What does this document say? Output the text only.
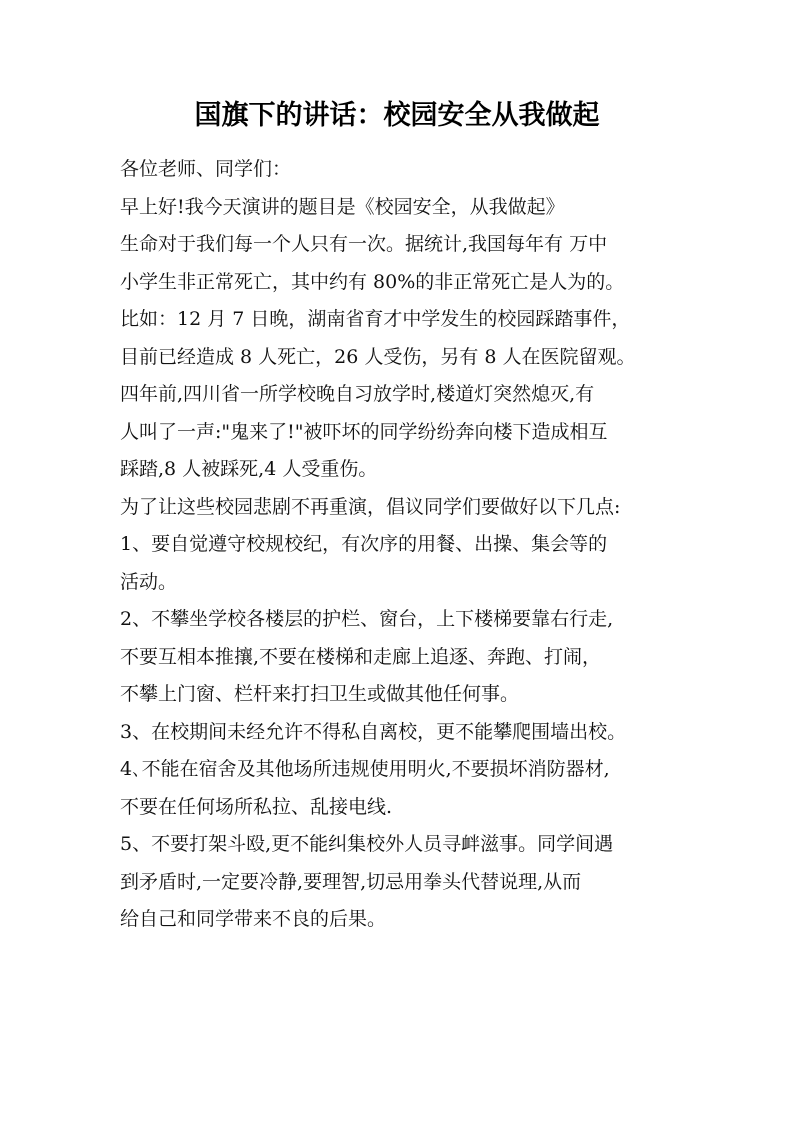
国旗下的讲话：校园安全从我做起

各位老师、同学们：

早上好!我今天演讲的题目是《校园安全，从我做起》

生命对于我们每一个人只有一次。据统计,我国每年有 万中

小学生非正常死亡，其中约有 80%的非正常死亡是人为的。

比如：12 月 7 日晚，湖南省育才中学发生的校园踩踏事件，

目前已经造成 8 人死亡，26 人受伤，另有 8 人在医院留观。

四年前,四川省一所学校晚自习放学时,楼道灯突然熄灭,有

人叫了一声:"鬼来了!"被吓坏的同学纷纷奔向楼下造成相互

踩踏,8 人被踩死,4 人受重伤。

为了让这些校园悲剧不再重演，倡议同学们要做好以下几点:

1、要自觉遵守校规校纪，有次序的用餐、出操、集会等的

活动。

2、不攀坐学校各楼层的护栏、窗台，上下楼梯要靠右行走,

不要互相本推攘,不要在楼梯和走廊上追逐、奔跑、打闹，

不攀上门窗、栏杆来打扫卫生或做其他任何事。

3、在校期间未经允许不得私自离校，更不能攀爬围墙出校。

4､不能在宿舍及其他场所违规使用明火,不要损坏消防器材,

不要在任何场所私拉、乱接电线.

5、不要打架斗殴,更不能纠集校外人员寻衅滋事。同学间遇

到矛盾时,一定要冷静,要理智,切忌用拳头代替说理,从而

给自己和同学带来不良的后果。
